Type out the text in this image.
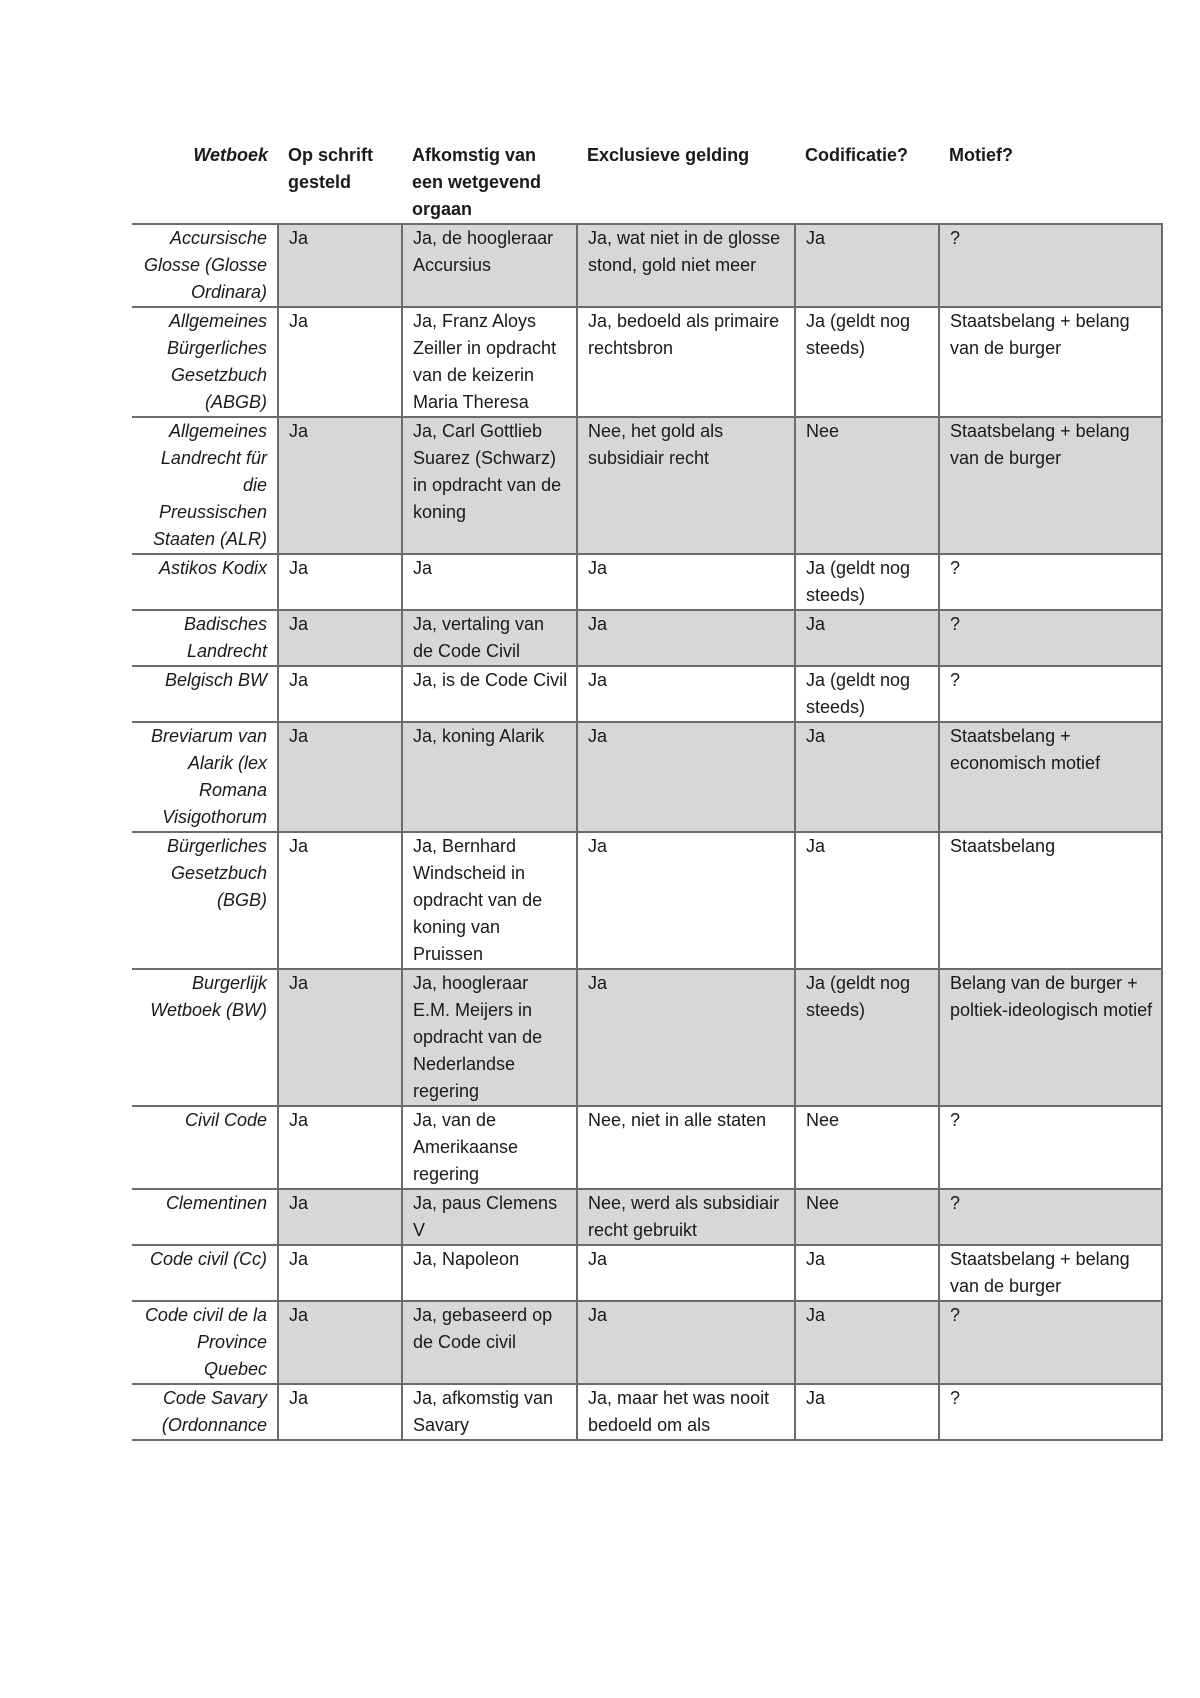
Wetboek	Op schrift gesteld	Afkomstig van een wetgevend orgaan	Exclusieve gelding	Codificatie?	Motief?
Accursische Glosse (Glosse Ordinara)	Ja	Ja, de hoogleraar Accursius	Ja, wat niet in de glosse stond, gold niet meer	Ja	?
Allgemeines Bürgerliches Gesetzbuch (ABGB)	Ja	Ja, Franz Aloys Zeiller in opdracht van de keizerin Maria Theresa	Ja, bedoeld als primaire rechtsbron	Ja (geldt nog steeds)	Staatsbelang + belang van de burger
Allgemeines Landrecht für die Preussischen Staaten (ALR)	Ja	Ja, Carl Gottlieb Suarez (Schwarz) in opdracht van de koning	Nee, het gold als subsidiair recht	Nee	Staatsbelang + belang van de burger
Astikos Kodix	Ja	Ja	Ja	Ja (geldt nog steeds)	?
Badisches Landrecht	Ja	Ja, vertaling van de Code Civil	Ja	Ja	?
Belgisch BW	Ja	Ja, is de Code Civil	Ja	Ja (geldt nog steeds)	?
Breviarum van Alarik (lex Romana Visigothorum	Ja	Ja, koning Alarik	Ja	Ja	Staatsbelang + economisch motief
Bürgerliches Gesetzbuch (BGB)	Ja	Ja, Bernhard Windscheid in opdracht van de koning van Pruissen	Ja	Ja	Staatsbelang
Burgerlijk Wetboek (BW)	Ja	Ja, hoogleraar E.M. Meijers in opdracht van de Nederlandse regering	Ja	Ja (geldt nog steeds)	Belang van de burger + poltiek-ideologisch motief
Civil Code	Ja	Ja, van de Amerikaanse regering	Nee, niet in alle staten	Nee	?
Clementinen	Ja	Ja, paus Clemens V	Nee, werd als subsidiair recht gebruikt	Nee	?
Code civil (Cc)	Ja	Ja, Napoleon	Ja	Ja	Staatsbelang + belang van de burger
Code civil de la Province Quebec	Ja	Ja, gebaseerd op de Code civil	Ja	Ja	?
Code Savary (Ordonnance	Ja	Ja, afkomstig van Savary	Ja, maar het was nooit bedoeld om als	Ja	?
